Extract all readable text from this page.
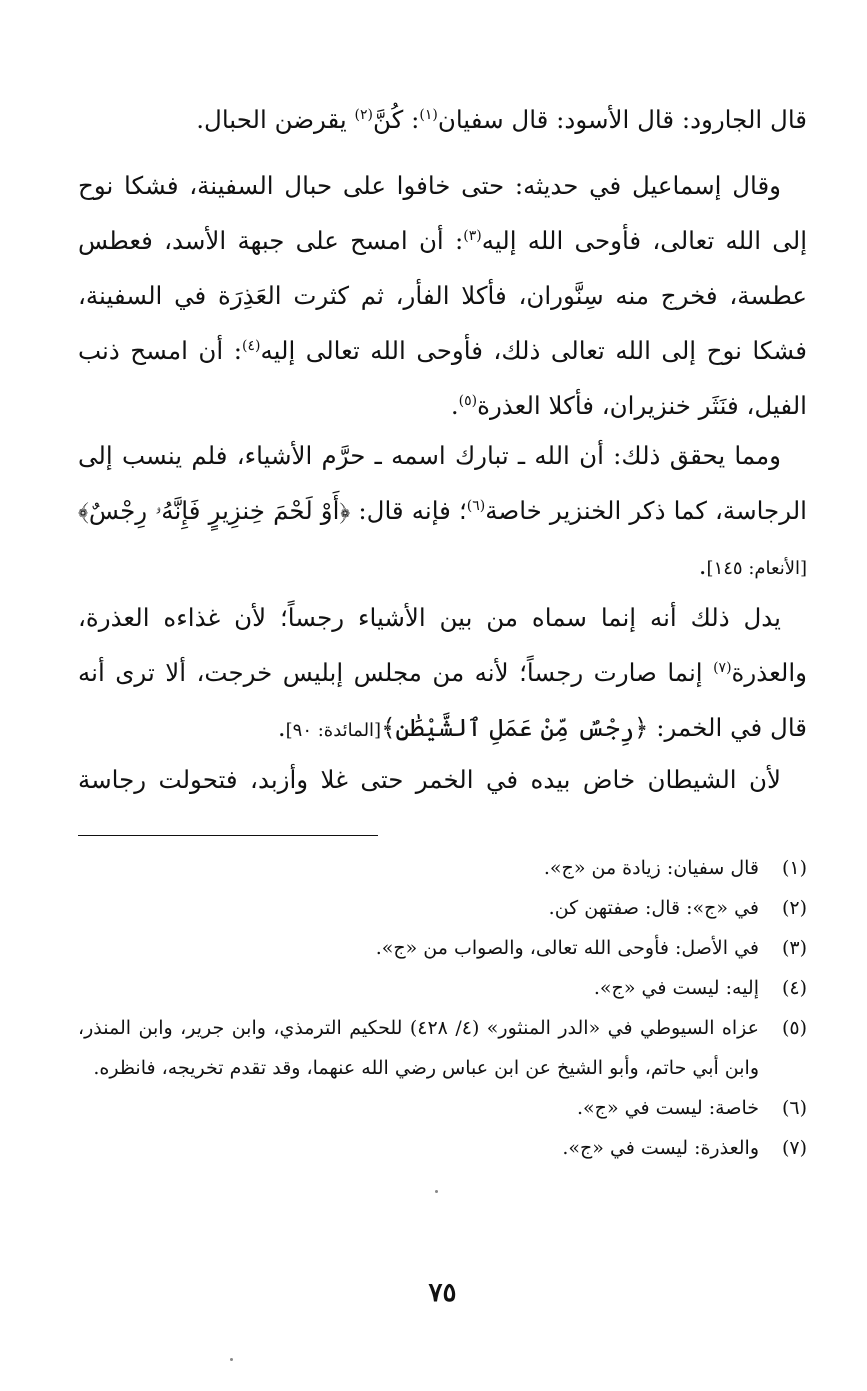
قال الجارود: قال الأسود: قال سفيان$^{(١)}$: كُنَّ$^{(٢)}$ يقرضن الحبال.

وقال إسماعيل في حديثه: حتى خافوا على حبال السفينة، فشكا نوح إلى الله تعالى، فأوحى الله إليه$^{(٣)}$: أن امسح على جبهة الأسد، فعطس عطسة، فخرج منه سِنَّوران، فأكلا الفأر، ثم كثرت العَذِرَة في السفينة، فشكا نوح إلى الله تعالى ذلك، فأوحى الله تعالى إليه$^{(٤)}$: أن امسح ذنب الفيل، فنَثَر خنزيران، فأكلا العذرة$^{(٥)}$.

ومما يحقق ذلك: أن الله ـ تبارك اسمه ـ حرَّم الأشياء، فلم ينسب إلى الرجاسة، كما ذكر الخنزير خاصة$^{(٦)}$؛ فإنه قال: ﴿أَوْ لَحْمَ خِنزِيرٍ فَإِنَّهُۥ رِجْسٌ﴾[الأنعام: ١٤٥].

يدل ذلك أنه إنما سماه من بين الأشياء رجساً؛ لأن غذاءه العذرة، والعذرة$^{(٧)}$ إنما صارت رجساً؛ لأنه من مجلس إبليس خرجت، ألا ترى أنه قال في الخمر: ﴿رِجْسٌ مِّنْ عَمَلِ ٱلشَّيْطَٰنِ﴾[المائدة: ٩٠].

لأن الشيطان خاض بيده في الخمر حتى غلا وأزبد، فتحولت رجاسة

(١)
قال سفيان: زيادة من «ج».
(٢)
في «ج»: قال: صفتهن كن.
(٣)
في الأصل: فأوحى الله تعالى، والصواب من «ج».
(٤)
إليه: ليست في «ج».
(٥)
عزاه السيوطي في «الدر المنثور» (٤/ ٤٢٨) للحكيم الترمذي، وابن جرير، وابن المنذر، وابن أبي حاتم، وأبو الشيخ عن ابن عباس رضي الله عنهما، وقد تقدم تخريجه، فانظره.
(٦)
خاصة: ليست في «ج».
(٧)
والعذرة: ليست في «ج».
٧٥
